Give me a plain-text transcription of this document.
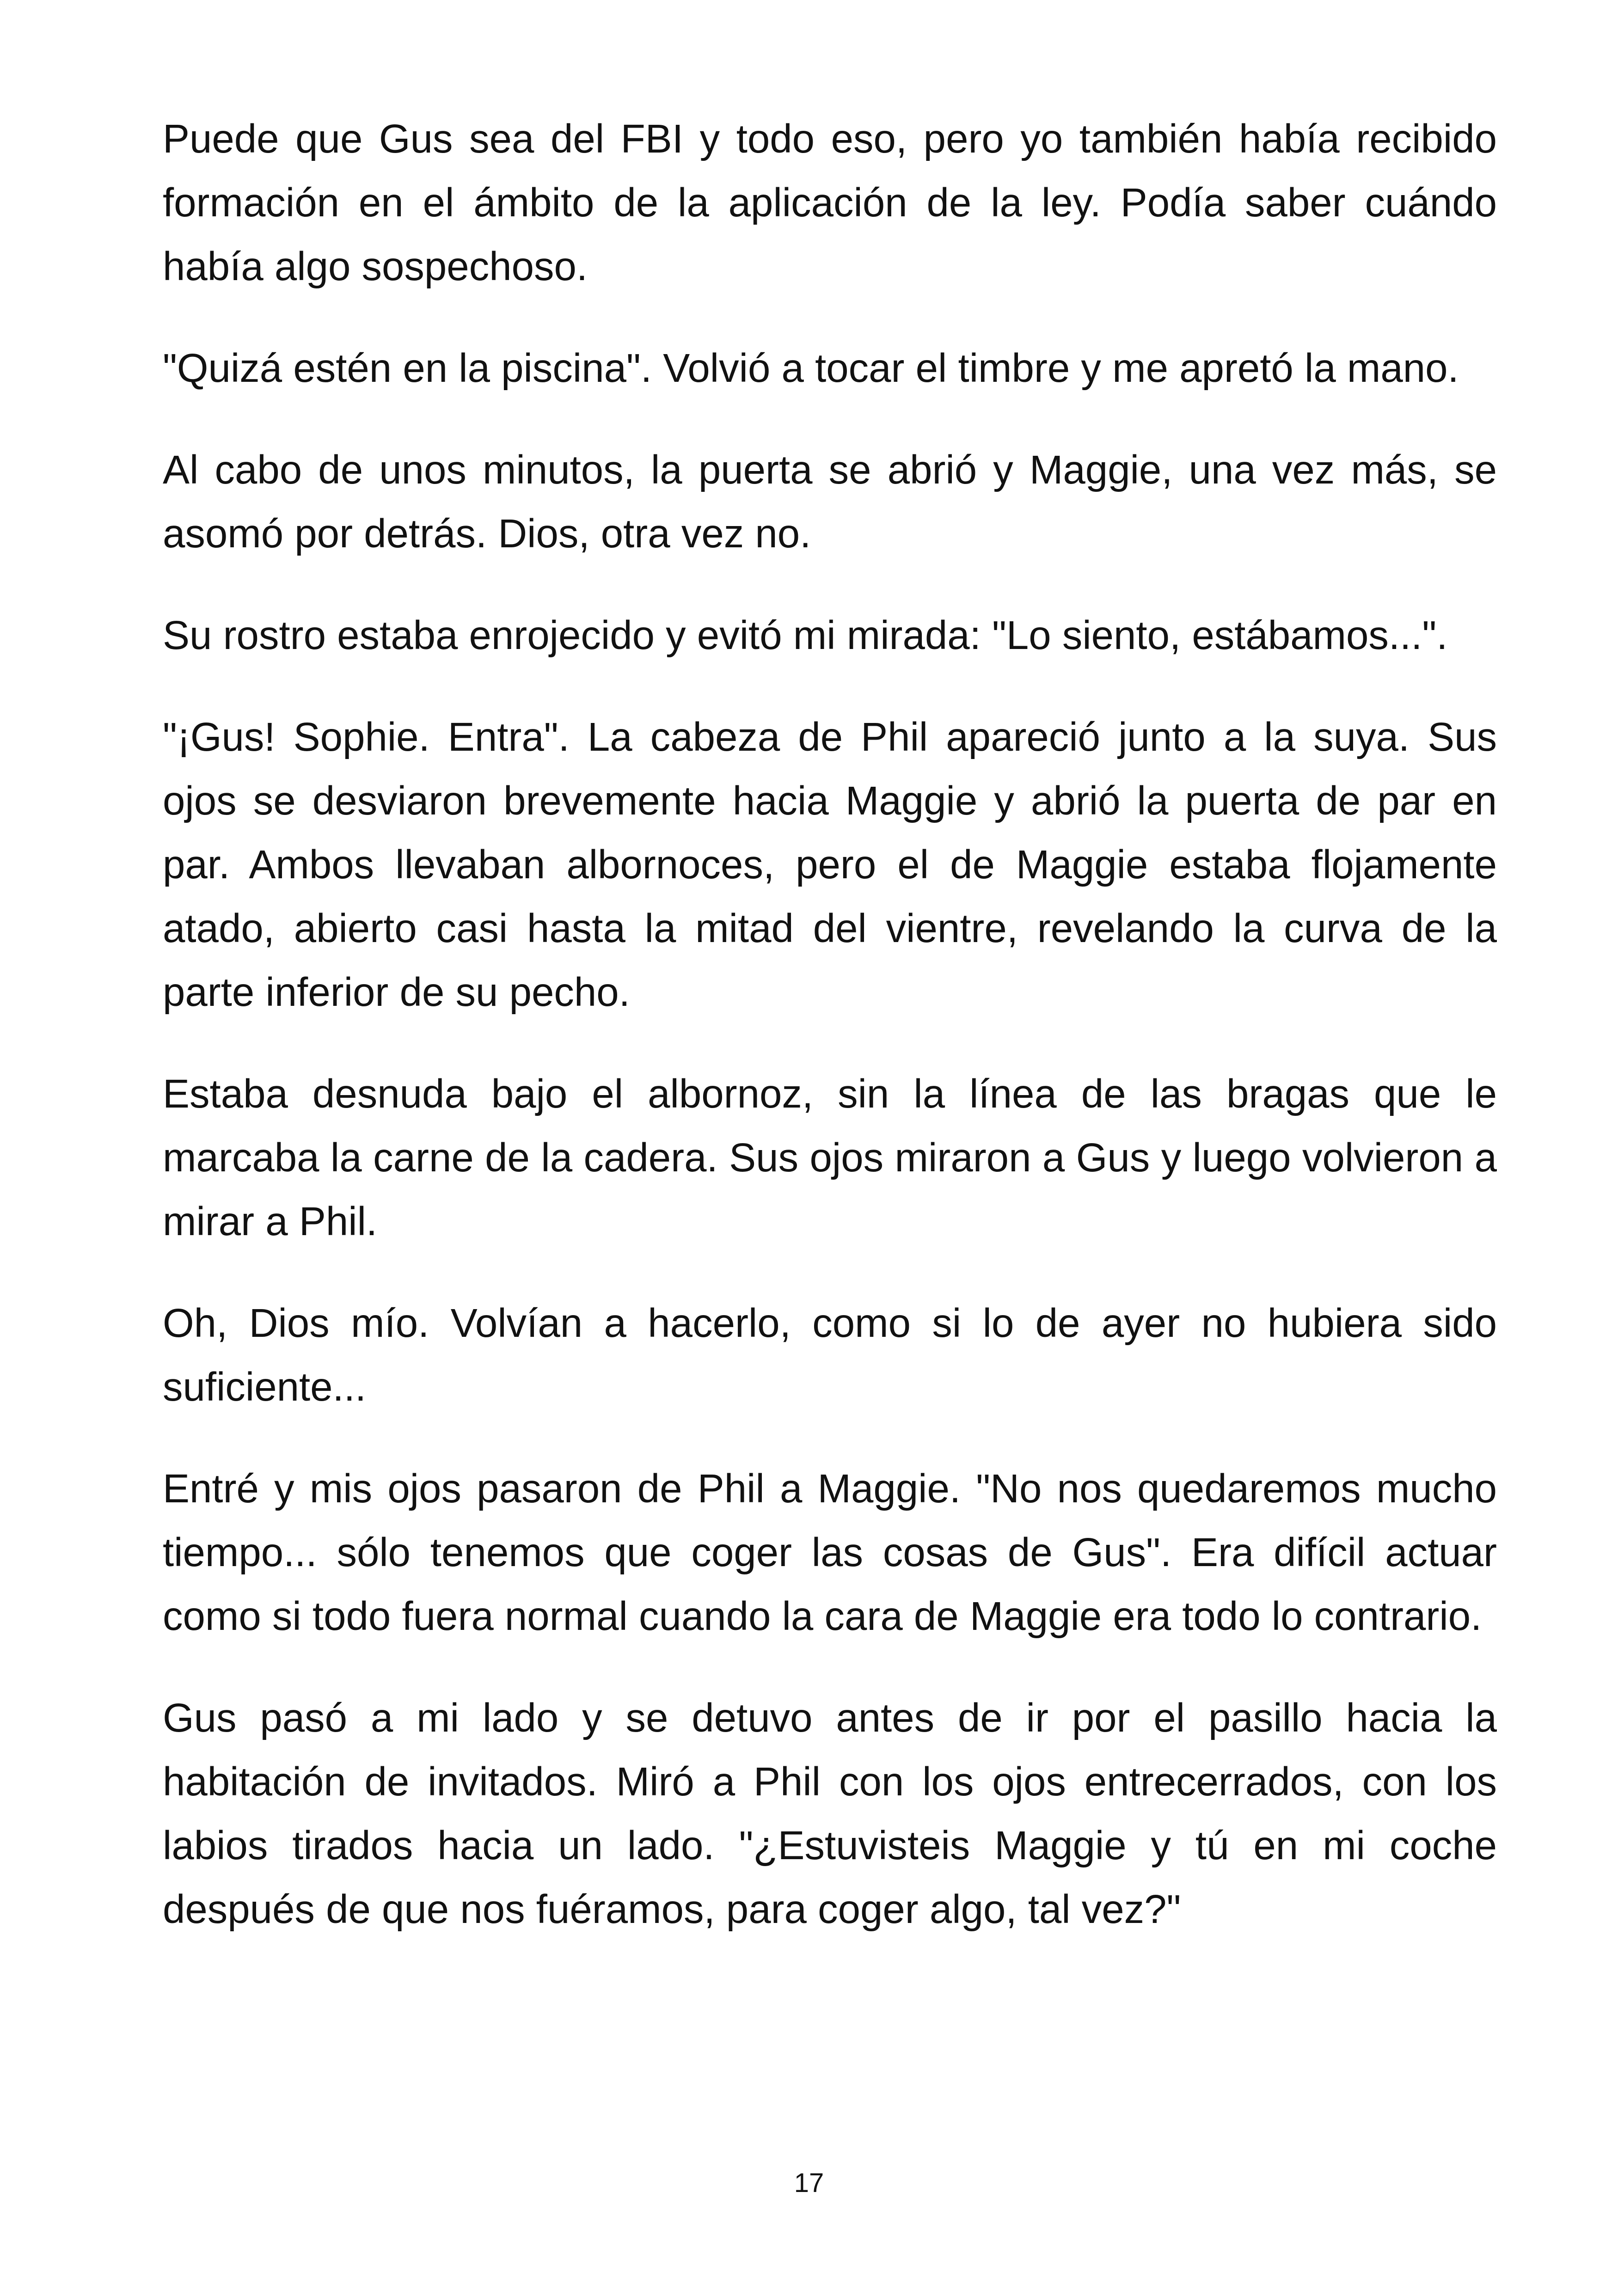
Puede que Gus sea del FBI y todo eso, pero yo también había recibido formación en el ámbito de la aplicación de la ley. Podía saber cuándo había algo sospechoso.

"Quizá estén en la piscina". Volvió a tocar el timbre y me apretó la mano.

Al cabo de unos minutos, la puerta se abrió y Maggie, una vez más, se asomó por detrás. Dios, otra vez no.

Su rostro estaba enrojecido y evitó mi mirada: "Lo siento, estábamos...".

"¡Gus! Sophie. Entra". La cabeza de Phil apareció junto a la suya. Sus ojos se desviaron brevemente hacia Maggie y abrió la puerta de par en par. Ambos llevaban albornoces, pero el de Maggie estaba flojamente atado, abierto casi hasta la mitad del vientre, revelando la curva de la parte inferior de su pecho.

Estaba desnuda bajo el albornoz, sin la línea de las bragas que le marcaba la carne de la cadera. Sus ojos miraron a Gus y luego volvieron a mirar a Phil.

Oh, Dios mío. Volvían a hacerlo, como si lo de ayer no hubiera sido suficiente...

Entré y mis ojos pasaron de Phil a Maggie. "No nos quedaremos mucho tiempo... sólo tenemos que coger las cosas de Gus". Era difícil actuar como si todo fuera normal cuando la cara de Maggie era todo lo contrario.

Gus pasó a mi lado y se detuvo antes de ir por el pasillo hacia la habitación de invitados. Miró a Phil con los ojos entrecerrados, con los labios tirados hacia un lado. "¿Estuvisteis Maggie y tú en mi coche después de que nos fuéramos, para coger algo, tal vez?"

17
